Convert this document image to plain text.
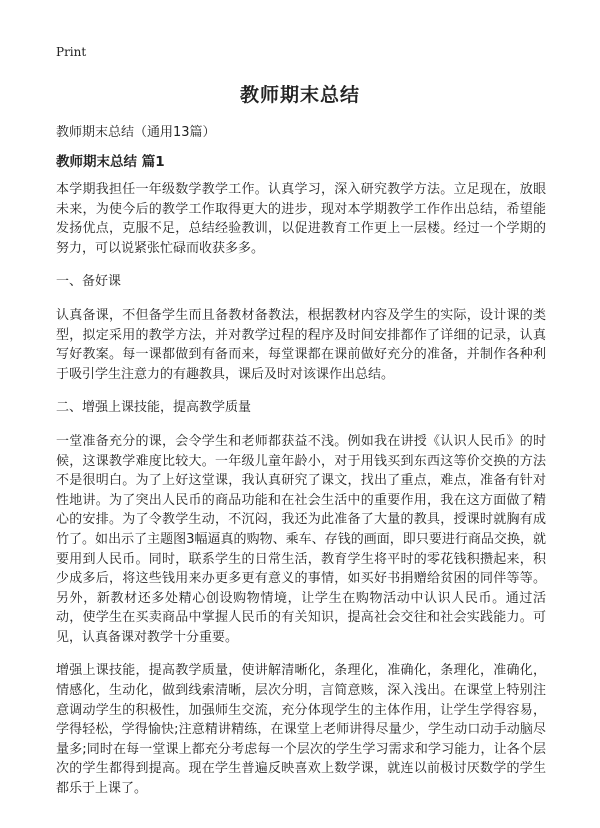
Print
教师期末总结
教师期末总结（通用13篇）
教师期末总结 篇1

本学期我担任一年级数学教学工作。认真学习，深入研究教学方法。立足现在，放眼未来，为使今后的教学工作取得更大的进步，现对本学期教学工作作出总结，希望能发扬优点，克服不足，总结经验教训，以促进教育工作更上一层楼。经过一个学期的努力，可以说紧张忙碌而收获多多。

一、备好课

认真备课，不但备学生而且备教材备教法，根据教材内容及学生的实际，设计课的类型，拟定采用的教学方法，并对教学过程的程序及时间安排都作了详细的记录，认真写好教案。每一课都做到有备而来，每堂课都在课前做好充分的准备，并制作各种利于吸引学生注意力的有趣教具，课后及时对该课作出总结。

二、增强上课技能，提高教学质量

一堂准备充分的课，会令学生和老师都获益不浅。例如我在讲授《认识人民币》的时候，这课教学难度比较大。一年级儿童年龄小，对于用钱买到东西这等价交换的方法不是很明白。为了上好这堂课，我认真研究了课文，找出了重点，难点，准备有针对性地讲。为了突出人民币的商品功能和在社会生活中的重要作用，我在这方面做了精心的安排。为了令教学生动，不沉闷，我还为此准备了大量的教具，授课时就胸有成竹了。如出示了主题图3幅逼真的购物、乘车、存钱的画面，即只要进行商品交换，就要用到人民币。同时，联系学生的日常生活，教育学生将平时的零花钱积攒起来，积少成多后，将这些钱用来办更多更有意义的事情，如买好书捐赠给贫困的同伴等等。另外，新教材还多处精心创设购物情境，让学生在购物活动中认识人民币。通过活动，使学生在买卖商品中掌握人民币的有关知识，提高社会交往和社会实践能力。可见，认真备课对教学十分重要。

增强上课技能，提高教学质量，使讲解清晰化，条理化，准确化，条理化，准确化，情感化，生动化，做到线索清晰，层次分明，言简意赅，深入浅出。在课堂上特别注意调动学生的积极性，加强师生交流，充分体现学生的主体作用，让学生学得容易，学得轻松，学得愉快;注意精讲精练，在课堂上老师讲得尽量少，学生动口动手动脑尽量多;同时在每一堂课上都充分考虑每一个层次的学生学习需求和学习能力，让各个层次的学生都得到提高。现在学生普遍反映喜欢上数学课，就连以前极讨厌数学的学生都乐于上课了。
